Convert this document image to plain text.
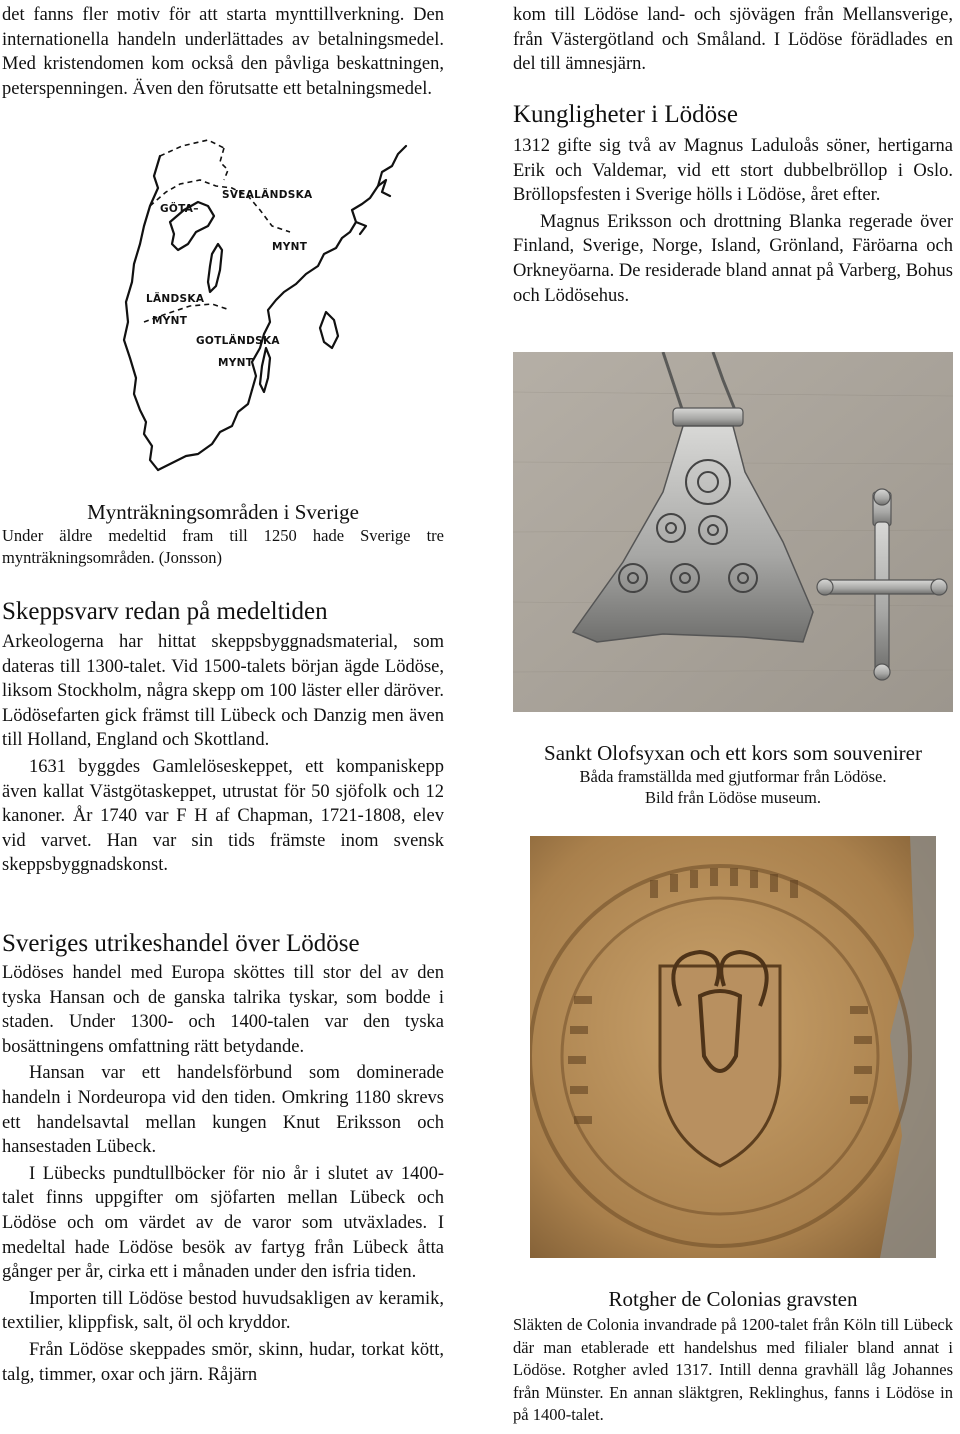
det fanns fler motiv för att starta mynttillverkning. Den internationella handeln underlättades av betalningsmedel. Med kristendomen kom också den påvliga beskattningen, peterspenningen. Även den förutsatte ett betalningsmedel.

GÖTA–
LÄNDSKA
MYNT
SVEALÄNDSKA
MYNT
GOTLÄNDSKA
MYNT
Mynträkningsområden i Sverige

Under äldre medeltid fram till 1250 hade Sverige tre mynträkningsområden. (Jonsson)

Skeppsvarv redan på medeltiden

Arkeologerna har hittat skeppsbyggnadsmaterial, som dateras till 1300-talet. Vid 1500-talets början ägde Lödöse, liksom Stockholm, några skepp om 100 läster eller däröver. Lödösefarten gick främst till Lübeck och Danzig men även till Holland, England och Skottland.

1631 byggdes Gamlelöseskeppet, ett kompaniskepp även kallat Västgötaskeppet, utrustat för 50 sjöfolk och 12 kanoner. År 1740 var F H af Chapman, 1721-1808, elev vid varvet. Han var sin tids främste inom svensk skeppsbyggnadskonst.

Sveriges utrikeshandel över Lödöse

Lödöses handel med Europa sköttes till stor del av den tyska Hansan och de ganska talrika tyskar, som bodde i staden. Under 1300- och 1400-talen var den tyska bosättningens omfattning rätt betydande.

Hansan var ett handelsförbund som dominerade handeln i Nordeuropa vid den tiden. Omkring 1180 skrevs ett handelsavtal mellan kungen Knut Eriksson och hansestaden Lübeck.

I Lübecks pundtullböcker för nio år i slutet av 1400-talet finns uppgifter om sjöfarten mellan Lübeck och Lödöse och om värdet av de varor som utväxlades. I medeltal hade Lödöse besök av fartyg från Lübeck åtta gånger per år, cirka ett i månaden under den isfria tiden.

Importen till Lödöse bestod huvudsakligen av keramik, textilier, klippfisk, salt, öl och kryddor.

Från Lödöse skeppades smör, skinn, hudar, torkat kött, talg, timmer, oxar och järn. Råjärn

kom till Lödöse land- och sjövägen från Mellansverige, från Västergötland och Småland. I Lödöse förädlades en del till ämnesjärn.

Kungligheter i Lödöse

1312 gifte sig två av Magnus Laduloås söner, hertigarna Erik och Valdemar, vid ett stort dubbelbröllop i Oslo. Bröllopsfesten i Sverige hölls i Lödöse, året efter.

Magnus Eriksson och drottning Blanka regerade över Finland, Sverige, Norge, Island, Grönland, Färöarna och Orkneyöarna. De residerade bland annat på Varberg, Bohus och Lödösehus.

Sankt Olofsyxan och ett kors som souvenirer
Båda framställda med gjutformar från Lödöse.
Bild från Lödöse museum.
Rotgher de Colonias gravsten

Släkten de Colonia invandrade på 1200-talet från Köln till Lübeck där man etablerade ett handelshus med filialer bland annat i Lödöse. Rotgher avled 1317. Intill denna gravhäll låg Johannes från Münster. En annan släktgren, Reklinghus, fanns i Lödöse in på 1400-talet.
